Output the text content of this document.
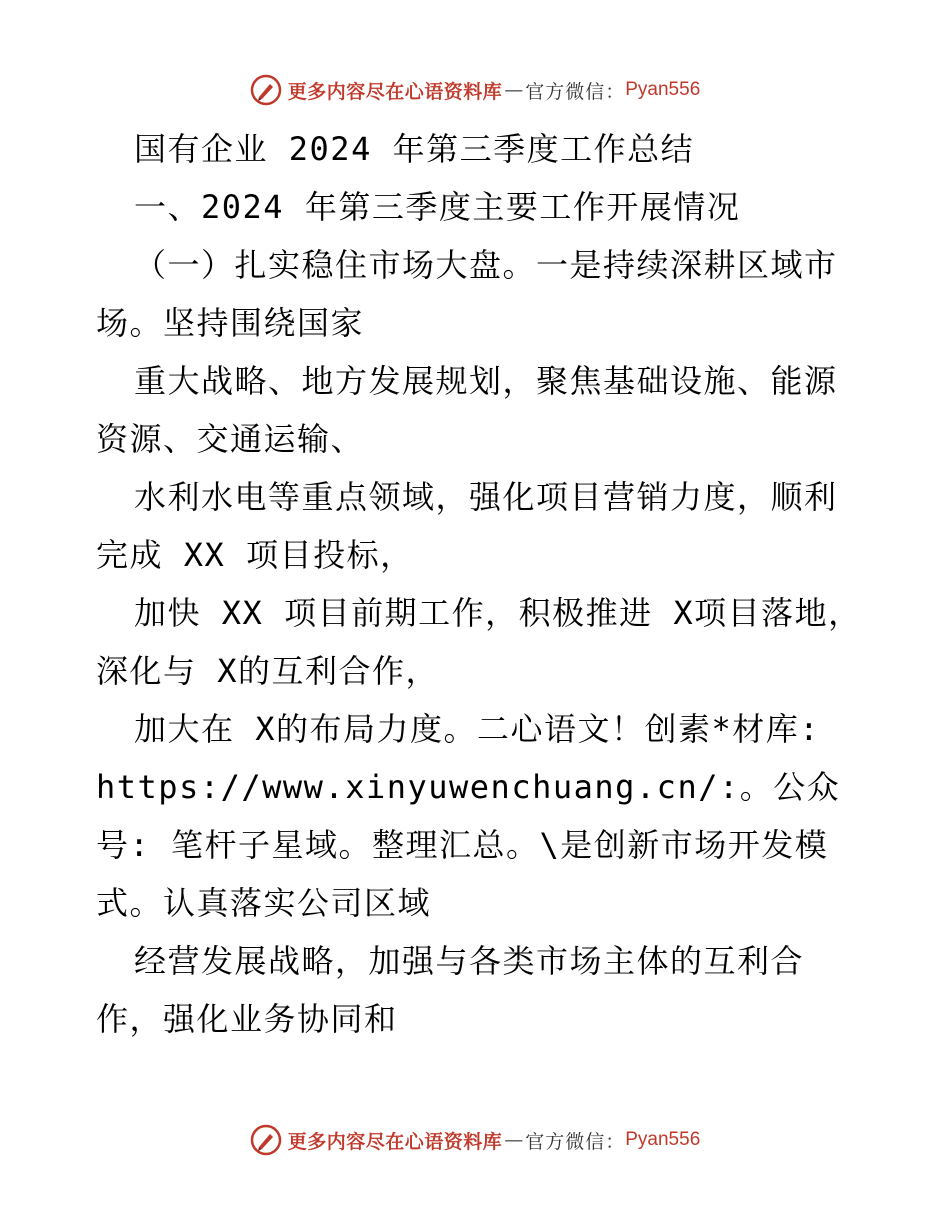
更多内容尽在心语资料库 — 官方微信： Pyan556

国有企业 2024 年第三季度工作总结

一、2024 年第三季度主要工作开展情况

（一）扎实稳住市场大盘。一是持续深耕区域市场。坚持围绕国家

重大战略、地方发展规划，聚焦基础设施、能源资源、交通运输、

水利水电等重点领域，强化项目营销力度，顺利完成 XX 项目投标，

加快 XX 项目前期工作，积极推进 X项目落地，深化与 X的互利合作，

加大在 X的布局力度。二心语文！创素*材库:

https://www.xinyuwenchuang.cn/:。公众号: 笔杆子星域。整理汇总。\是创新市场开发模式。认真落实公司区域

经营发展战略，加强与各类市场主体的互利合作，强化业务协同和

更多内容尽在心语资料库 — 官方微信： Pyan556
